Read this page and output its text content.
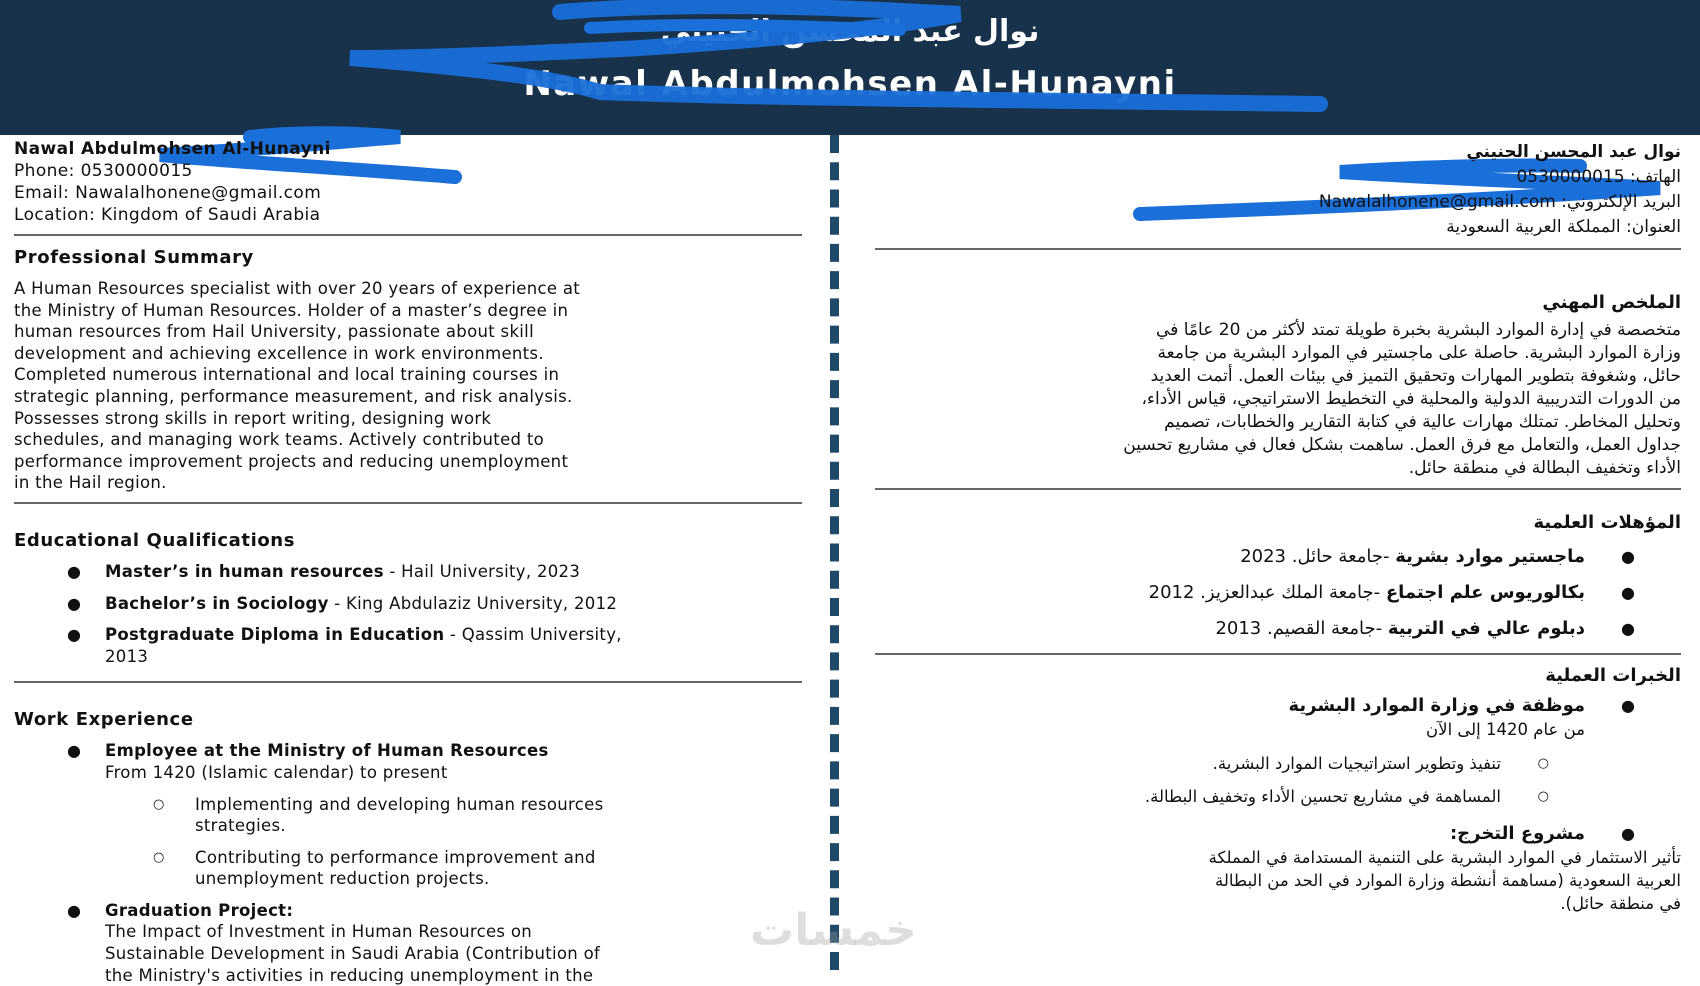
نوال عبد المحسن الحنيني
Nawal Abdulmohsen Al-Hunayni
Nawal Abdulmohsen Al-Hunayni
Phone: 0530000015
Email: Nawalalhonene@gmail.com
Location: Kingdom of Saudi Arabia
Professional Summary
A Human Resources specialist with over 20 years of experience at
the Ministry of Human Resources. Holder of a master’s degree in
human resources from Hail University, passionate about skill
development and achieving excellence in work environments.
Completed numerous international and local training courses in
strategic planning, performance measurement, and risk analysis.
Possesses strong skills in report writing, designing work
schedules, and managing work teams. Actively contributed to
performance improvement projects and reducing unemployment
in the Hail region.
Educational Qualifications
● Master’s in human resources - Hail University, 2023
● Bachelor’s in Sociology - King Abdulaziz University, 2012
● Postgraduate Diploma in Education - Qassim University,
2013
Work Experience
● Employee at the Ministry of Human Resources
From 1420 (Islamic calendar) to present
○ Implementing and developing human resources
strategies.
○ Contributing to performance improvement and
unemployment reduction projects.
● Graduation Project:
The Impact of Investment in Human Resources on
Sustainable Development in Saudi Arabia (Contribution of
the Ministry's activities in reducing unemployment in the
نوال عبد المحسن الحنيني
الهاتف: 0530000015
البريد الإلكتروني: Nawalalhonene@gmail.com
العنوان: المملكة العربية السعودية
الملخص المهني
متخصصة في إدارة الموارد البشرية بخبرة طويلة تمتد لأكثر من 20 عامًا في
وزارة الموارد البشرية. حاصلة على ماجستير في الموارد البشرية من جامعة
حائل، وشغوفة بتطوير المهارات وتحقيق التميز في بيئات العمل. أتمت العديد
من الدورات التدريبية الدولية والمحلية في التخطيط الاستراتيجي، قياس الأداء،
وتحليل المخاطر. تمتلك مهارات عالية في كتابة التقارير والخطابات، تصميم
جداول العمل، والتعامل مع فرق العمل. ساهمت بشكل فعال في مشاريع تحسين
الأداء وتخفيف البطالة في منطقة حائل.
المؤهلات العلمية
●
ماجستير موارد بشرية -جامعة حائل. 2023
●
بكالوريوس علم اجتماع -جامعة الملك عبدالعزيز. 2012
●
دبلوم عالي في التربية -جامعة القصيم. 2013
الخبرات العملية
●
موظفة في وزارة الموارد البشرية
من عام 1420 إلى الآن
○
تنفيذ وتطوير استراتيجيات الموارد البشرية.
○
المساهمة في مشاريع تحسين الأداء وتخفيف البطالة.
●
مشروع التخرج:
تأثير الاستثمار في الموارد البشرية على التنمية المستدامة في المملكة
العربية السعودية (مساهمة أنشطة وزارة الموارد في الحد من البطالة
في منطقة حائل).
خمسات
